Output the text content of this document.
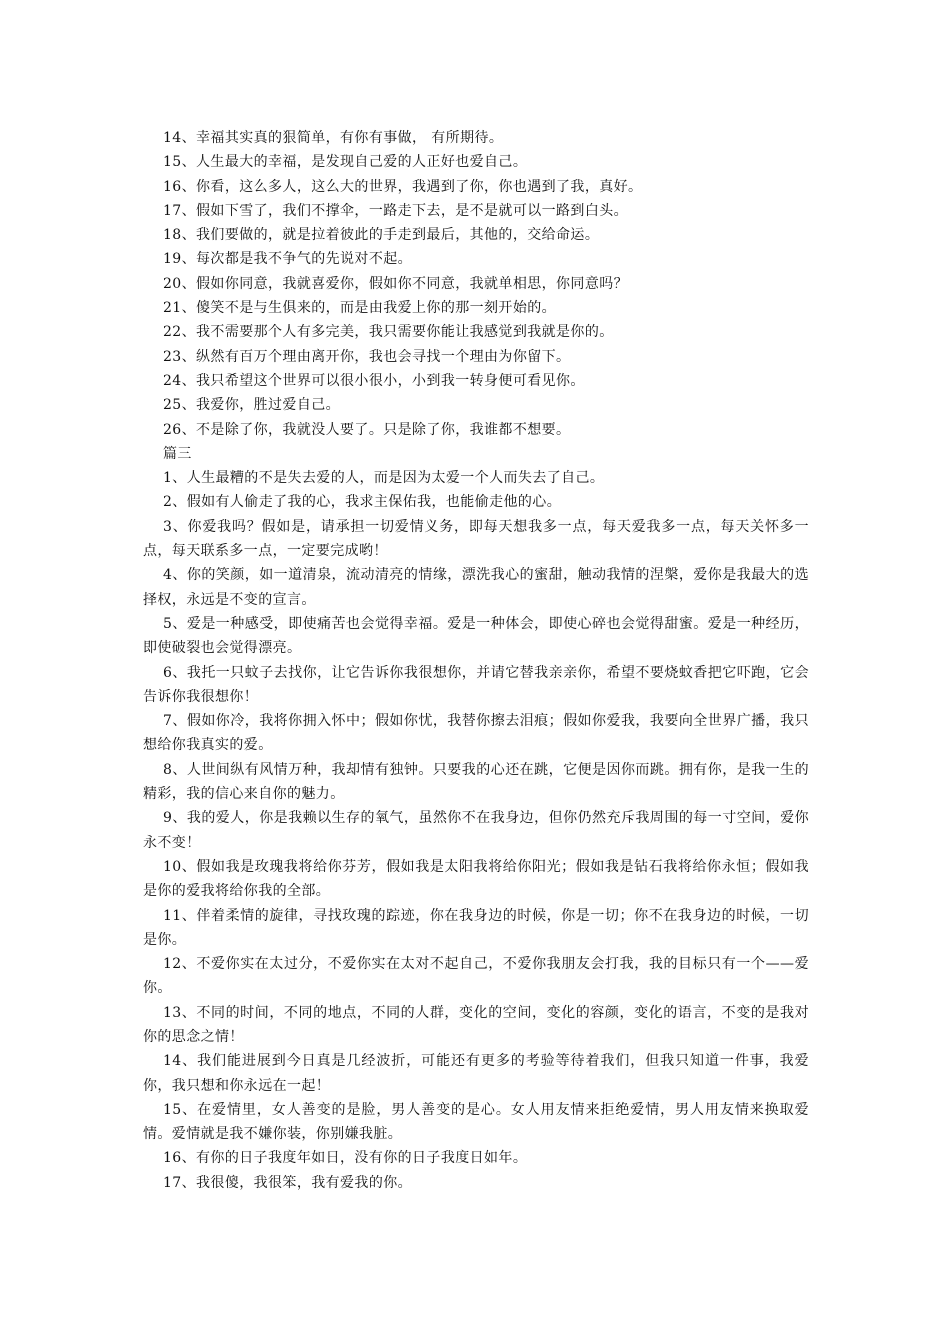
14、幸福其实真的狠简单，有你有事做， 有所期待。

15、人生最大的幸福，是发现自己爱的人正好也爱自己。

16、你看，这么多人，这么大的世界，我遇到了你，你也遇到了我，真好。

17、假如下雪了，我们不撑伞，一路走下去，是不是就可以一路到白头。

18、我们要做的，就是拉着彼此的手走到最后，其他的，交给命运。

19、每次都是我不争气的先说对不起。

20、假如你同意，我就喜爱你，假如你不同意，我就单相思，你同意吗？

21、傻笑不是与生俱来的，而是由我爱上你的那一刻开始的。

22、我不需要那个人有多完美，我只需要你能让我感觉到我就是你的。

23、纵然有百万个理由离开你，我也会寻找一个理由为你留下。

24、我只希望这个世界可以很小很小，小到我一转身便可看见你。

25、我爱你，胜过爱自己。

26、不是除了你，我就没人要了。只是除了你，我谁都不想要。

篇三

1、人生最糟的不是失去爱的人，而是因为太爱一个人而失去了自己。

2、假如有人偷走了我的心，我求主保佑我，也能偷走他的心。

3、你爱我吗？假如是，请承担一切爱情义务，即每天想我多一点，每天爱我多一点，每天关怀多一点，每天联系多一点，一定要完成哟！

4、你的笑颜，如一道清泉，流动清亮的情缘，漂洗我心的蜜甜，触动我情的涅槃，爱你是我最大的选择权，永远是不变的宣言。

5、爱是一种感受，即使痛苦也会觉得幸福。爱是一种体会，即使心碎也会觉得甜蜜。爱是一种经历，即使破裂也会觉得漂亮。

6、我托一只蚊子去找你，让它告诉你我很想你，并请它替我亲亲你，希望不要烧蚊香把它吓跑，它会告诉你我很想你！

7、假如你冷，我将你拥入怀中；假如你忧，我替你擦去泪痕；假如你爱我，我要向全世界广播，我只想给你我真实的爱。

8、人世间纵有风情万种，我却情有独钟。只要我的心还在跳，它便是因你而跳。拥有你，是我一生的精彩，我的信心来自你的魅力。

9、我的爱人，你是我赖以生存的氧气，虽然你不在我身边，但你仍然充斥我周围的每一寸空间，爱你永不变！

10、假如我是玫瑰我将给你芬芳，假如我是太阳我将给你阳光；假如我是钻石我将给你永恒；假如我是你的爱我将给你我的全部。

11、伴着柔情的旋律，寻找玫瑰的踪迹，你在我身边的时候，你是一切；你不在我身边的时候，一切是你。

12、不爱你实在太过分，不爱你实在太对不起自己，不爱你我朋友会打我，我的目标只有一个——爱你。

13、不同的时间，不同的地点，不同的人群，变化的空间，变化的容颜，变化的语言，不变的是我对你的思念之情！

14、我们能进展到今日真是几经波折，可能还有更多的考验等待着我们，但我只知道一件事，我爱你，我只想和你永远在一起！

15、在爱情里，女人善变的是脸，男人善变的是心。女人用友情来拒绝爱情，男人用友情来换取爱情。爱情就是我不嫌你装，你别嫌我脏。

16、有你的日子我度年如日，没有你的日子我度日如年。

17、我很傻，我很笨，我有爱我的你。
